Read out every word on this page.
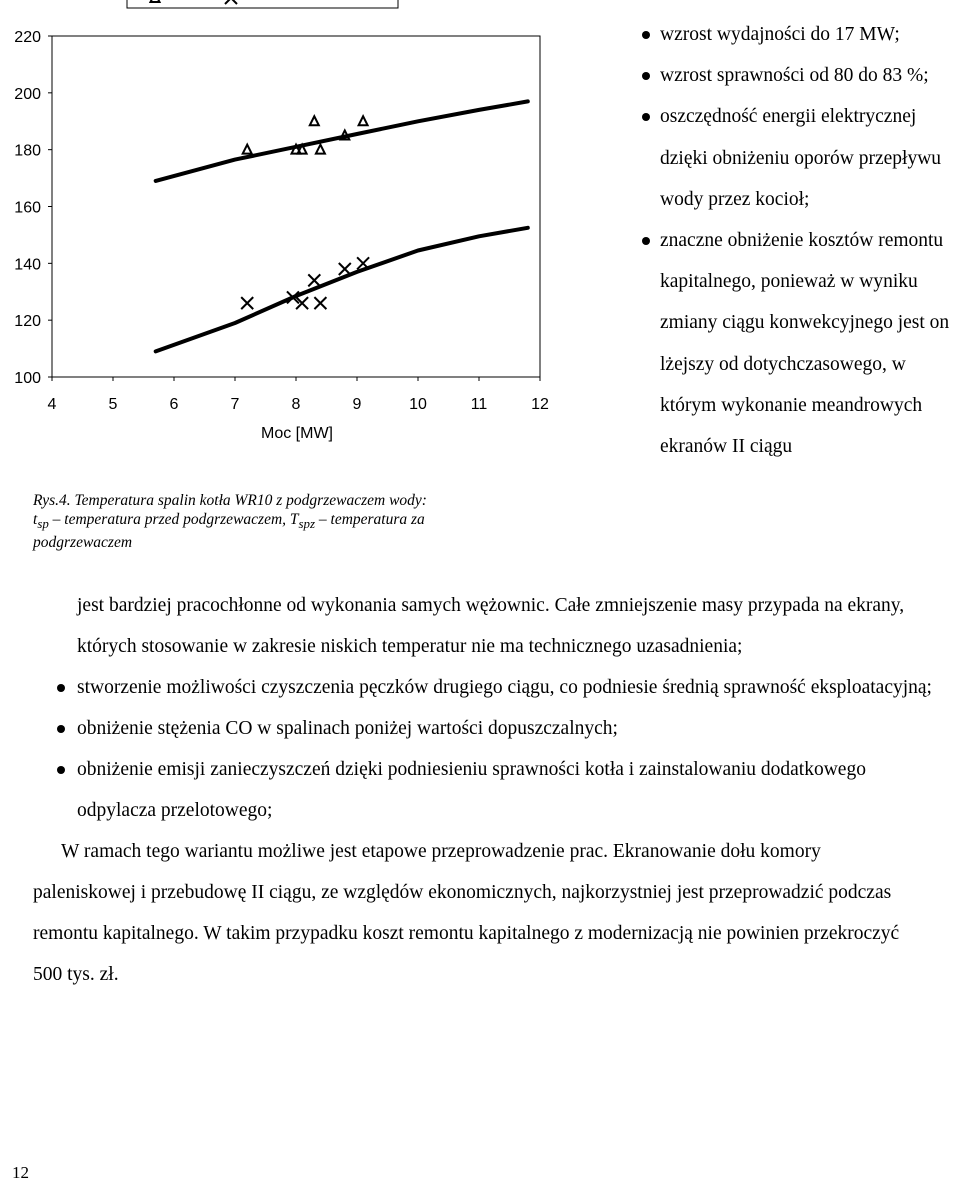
220
200
180
160
140
120
100
4	5	6	7	8	9	10	11	12
Moc [MW]
Rys.4. Temperatura spalin kotła WR10 z podgrzewaczem wody:
$t_{sp}$ – temperatura przed podgrzewaczem, $T_{spz}$ – temperatura za
podgrzewaczem
wzrost wydajności do 17 MW;
wzrost sprawności od 80 do 83 %;
oszczędność energii elektrycznej dzięki obniżeniu oporów przepływu wody przez kocioł;
znaczne obniżenie kosztów remontu kapitalnego, ponieważ w wyniku zmiany ciągu konwekcyjnego jest on lżejszy od dotychczasowego, w którym wykonanie meandrowych ekranów II ciągu

jest bardziej pracochłonne od wykonania samych wężownic. Całe zmniejszenie masy przypada na ekrany, których stosowanie w zakresie niskich temperatur nie ma technicznego uzasadnienia;

stworzenie możliwości czyszczenia pęczków drugiego ciągu, co podniesie średnią sprawność eksploatacyjną;
obniżenie stężenia CO w spalinach poniżej wartości dopuszczalnych;
obniżenie emisji zanieczyszczeń dzięki podniesieniu sprawności kotła i zainstalowaniu dodatkowego odpylacza przelotowego;

W ramach tego wariantu możliwe jest etapowe przeprowadzenie prac. Ekranowanie dołu komory paleniskowej i przebudowę II ciągu, ze względów ekonomicznych, najkorzystniej jest przeprowadzić podczas remontu kapitalnego. W takim przypadku koszt remontu kapitalnego z modernizacją nie powinien przekroczyć 500 tys. zł.

12
